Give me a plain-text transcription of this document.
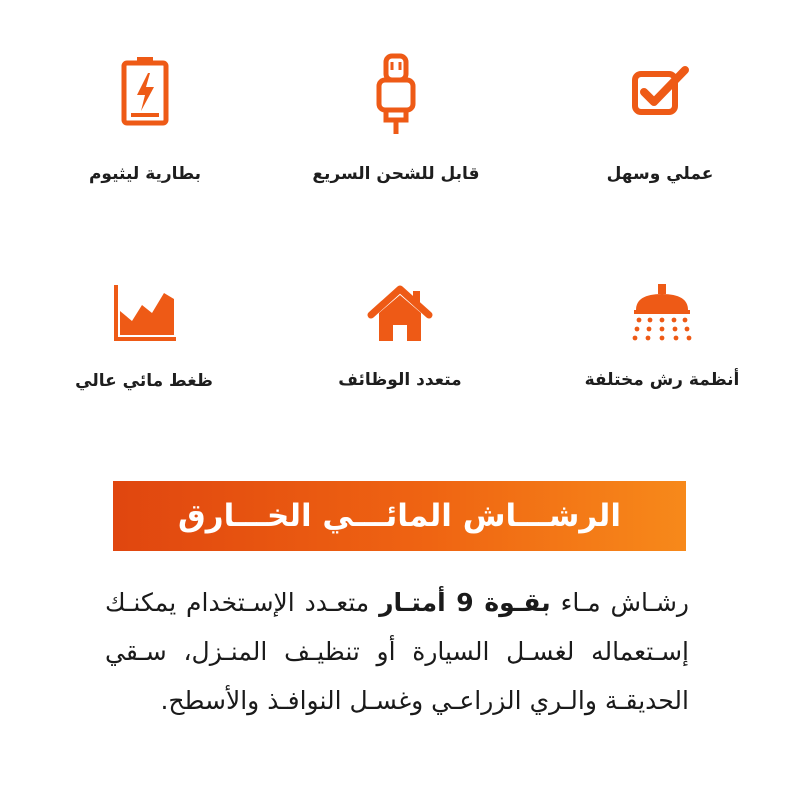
عملي وسهل
قابل للشحن السريع
بطارية ليثيوم
أنظمة رش مختلفة
متعدد الوظائف
ظغط مائي عالي
الرشـــاش المائـــي الخـــارق
رشـاش مـاء بقـوة 9 أمتـار متعـدد الإسـتخدام يمكنـك إسـتعماله لغسـل السيارة أو تنظيـف المنـزل، سـقي الحديقـة والـري الزراعـي وغسـل النوافـذ والأسطح.
